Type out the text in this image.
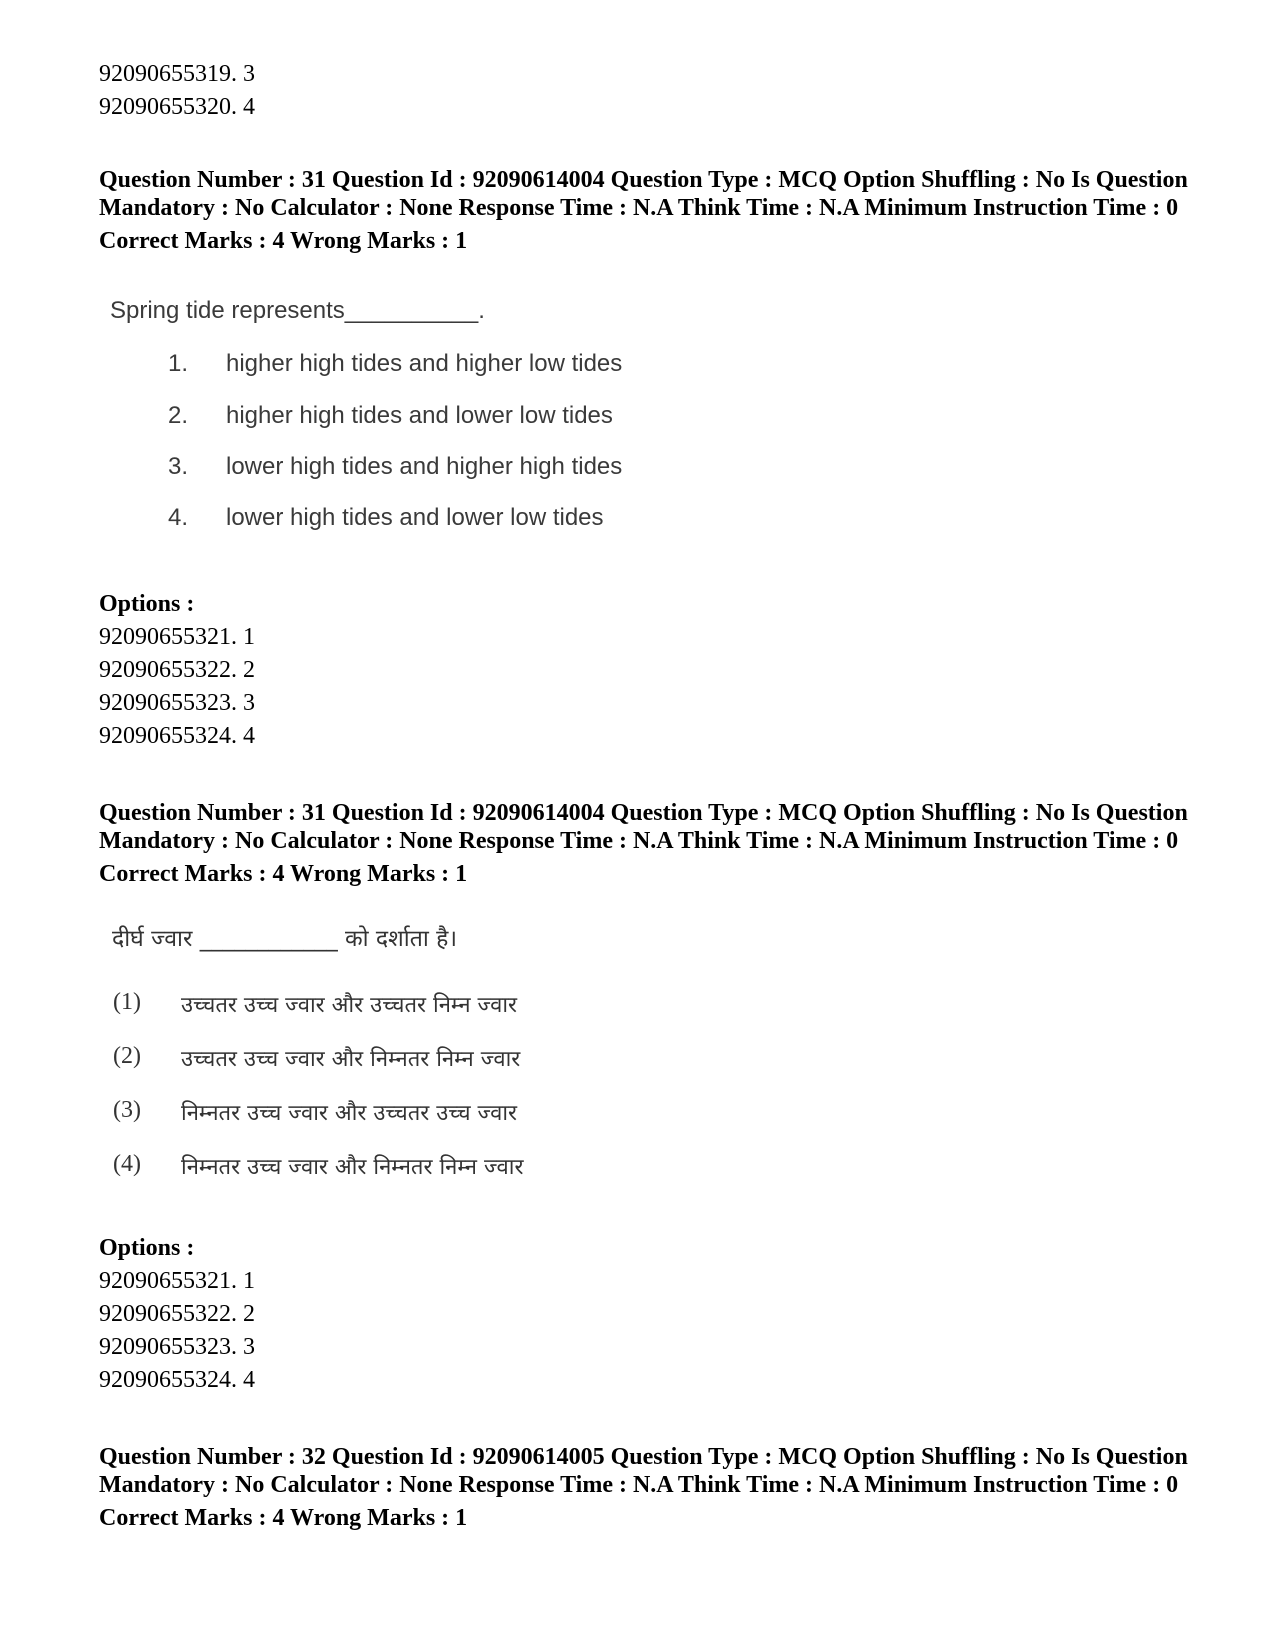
92090655319. 3
92090655320. 4
Question Number : 31 Question Id : 92090614004 Question Type : MCQ Option Shuffling : No Is Question Mandatory : No Calculator : None Response Time : N.A Think Time : N.A Minimum Instruction Time : 0
Correct Marks : 4 Wrong Marks : 1
Spring tide represents__________.
1. higher high tides and higher low tides
2. higher high tides and lower low tides
3. lower high tides and higher high tides
4. lower high tides and lower low tides
Options :
92090655321. 1
92090655322. 2
92090655323. 3
92090655324. 4
Question Number : 31 Question Id : 92090614004 Question Type : MCQ Option Shuffling : No Is Question Mandatory : No Calculator : None Response Time : N.A Think Time : N.A Minimum Instruction Time : 0
Correct Marks : 4 Wrong Marks : 1
दीर्घ ज्वार ____________ को दर्शाता है।
(1) उच्चतर उच्च ज्वार और उच्चतर निम्न ज्वार
(2) उच्चतर उच्च ज्वार और निम्नतर निम्न ज्वार
(3) निम्नतर उच्च ज्वार और उच्चतर उच्च ज्वार
(4) निम्नतर उच्च ज्वार और निम्नतर निम्न ज्वार
Options :
92090655321. 1
92090655322. 2
92090655323. 3
92090655324. 4
Question Number : 32 Question Id : 92090614005 Question Type : MCQ Option Shuffling : No Is Question Mandatory : No Calculator : None Response Time : N.A Think Time : N.A Minimum Instruction Time : 0
Correct Marks : 4 Wrong Marks : 1
